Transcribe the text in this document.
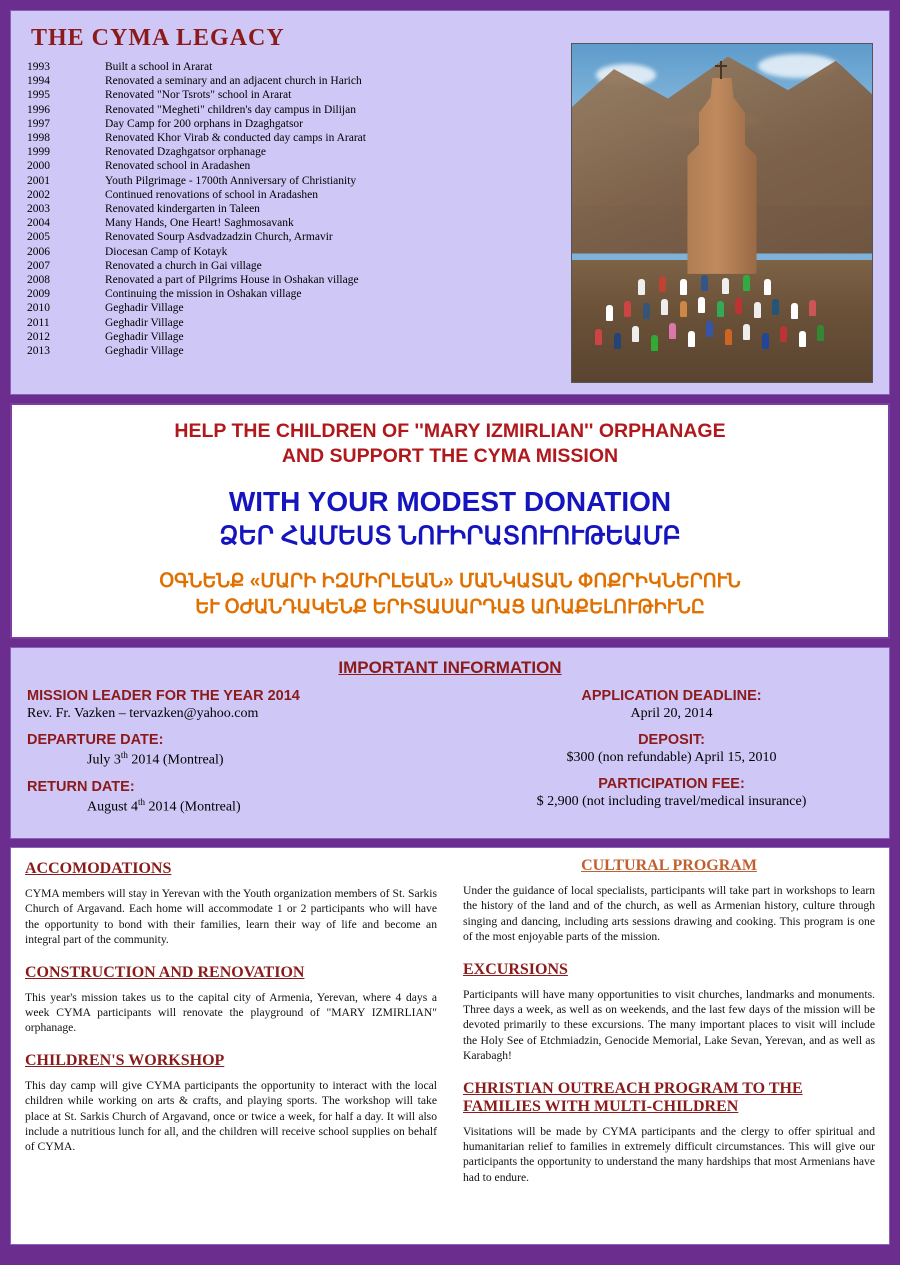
THE CYMA LEGACY
1993	Built a school in Ararat
1994	Renovated a seminary and an adjacent church in Harich
1995	Renovated "Nor Tsrots" school in Ararat
1996	Renovated "Megheti" children's day campus in Dilijan
1997	Day Camp for 200 orphans in Dzaghgatsor
1998	Renovated Khor Virab & conducted day camps in Ararat
1999	Renovated Dzaghgatsor orphanage
2000	Renovated school in Aradashen
2001	Youth Pilgrimage - 1700th Anniversary of Christianity
2002	Continued renovations of school in Aradashen
2003	Renovated kindergarten in Taleen
2004	Many Hands, One Heart! Saghmosavank
2005	Renovated Sourp Asdvadzadzin Church, Armavir
2006	Diocesan Camp of Kotayk
2007	Renovated a church in Gai village
2008	Renovated a part of Pilgrims House in Oshakan village
2009	Continuing the mission in Oshakan village
2010	Geghadir Village
2011	Geghadir Village
2012	Geghadir Village
2013	Geghadir Village
HELP THE CHILDREN OF ''MARY IZMIRLIAN'' ORPHANAGE
AND SUPPORT THE CYMA MISSION
WITH YOUR MODEST DONATION
ՁԵՐ ՀԱՄԵՍՏ ՆՈՒԻՐԱՏՈՒՈՒԹԵԱՄԲ
ՕԳՆԵՆՔ «ՄԱՐԻ ԻԶՄԻՐԼԵԱՆ» ՄԱՆԿԱՏԱՆ ՓՈՔՐԻԿՆԵՐՈՒՆ
ԵՒ ՕԺԱՆԴԱԿԵՆՔ ԵՐԻՏԱՍԱՐԴԱՑ ԱՌԱՔԵԼՈՒԹԻՒՆԸ
IMPORTANT INFORMATION
MISSION LEADER FOR THE YEAR 2014
Rev. Fr. Vazken – tervazken@yahoo.com
DEPARTURE DATE:
July 3th 2014 (Montreal)
RETURN DATE:
August 4th 2014 (Montreal)
APPLICATION DEADLINE:
April 20, 2014
DEPOSIT:
$300 (non refundable) April 15, 2010
PARTICIPATION FEE:
$ 2,900 (not including travel/medical insurance)
ACCOMODATIONS

CYMA members will stay in Yerevan with the Youth organization members of St. Sarkis Church of Argavand. Each home will accommodate 1 or 2 participants who will have the opportunity to bond with their families, learn their way of life and become an integral part of the community.

CONSTRUCTION AND RENOVATION

This year's mission takes us to the capital city of Armenia, Yerevan, where 4 days a week CYMA participants will renovate the playground of "MARY IZMIRLIAN" orphanage.

CHILDREN'S WORKSHOP

This day camp will give CYMA participants the opportunity to interact with the local children while working on arts & crafts, and playing sports. The workshop will take place at St. Sarkis Church of Argavand, once or twice a week, for half a day. It will also include a nutritious lunch for all, and the children will receive school supplies on behalf of CYMA.

CULTURAL PROGRAM

Under the guidance of local specialists, participants will take part in workshops to learn the history of the land and of the church, as well as Armenian history, culture through singing and dancing, including arts sessions drawing and cooking. This program is one of the most enjoyable parts of the mission.

EXCURSIONS

Participants will have many opportunities to visit churches, landmarks and monuments. Three days a week, as well as on weekends, and the last few days of the mission will be devoted primarily to these excursions. The many important places to visit will include the Holy See of Etchmiadzin, Genocide Memorial, Lake Sevan, Yerevan, and as well as Karabagh!

CHRISTIAN OUTREACH PROGRAM TO THE FAMILIES WITH MULTI-CHILDREN

Visitations will be made by CYMA participants and the clergy to offer spiritual and humanitarian relief to families in extremely difficult circumstances. This will give our participants the opportunity to understand the many hardships that most Armenians have had to endure.
